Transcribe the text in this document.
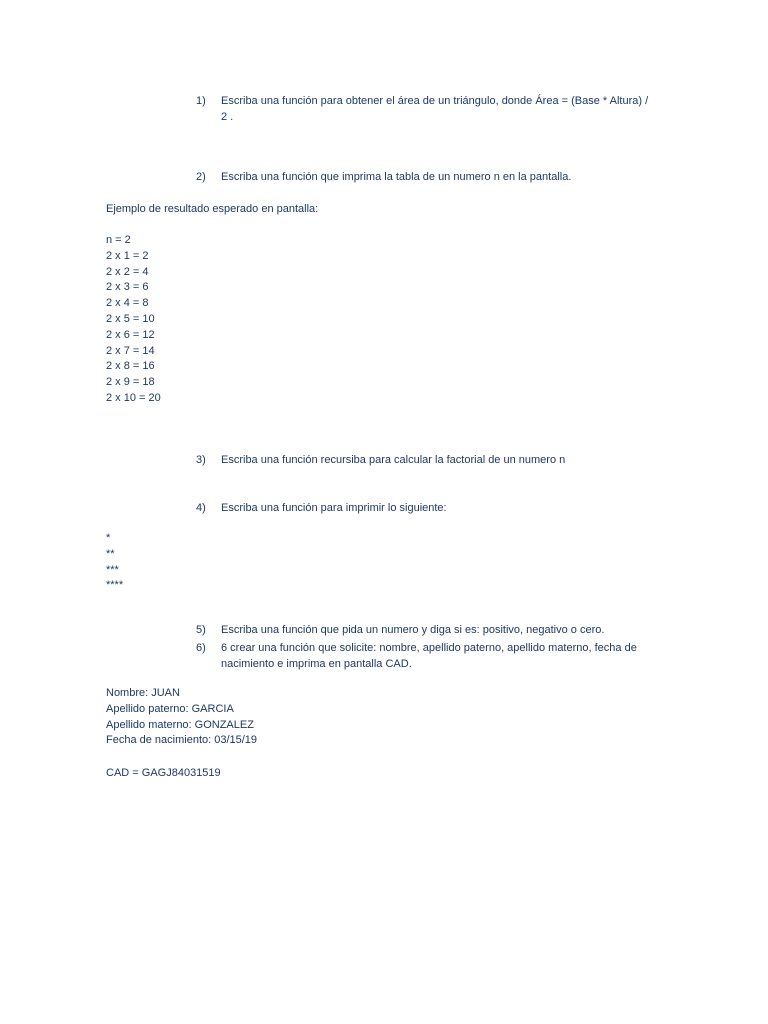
1)	Escriba una función para obtener el área de un triángulo, donde Área = (Base * Altura) / 2 .
2)	Escriba una función que imprima la tabla de un numero n en la pantalla.
Ejemplo de resultado esperado en pantalla:
n = 2
2 x 1 = 2
2 x 2 = 4
2 x 3 = 6
2 x 4 = 8
2 x 5 = 10
2 x 6 = 12
2 x 7 = 14
2 x 8 = 16
2 x 9 = 18
2 x 10 = 20
3)	Escriba una función recursiba para calcular la factorial de un numero n
4)	Escriba una función para imprimir lo siguiente:
*
**
***
****
5)	Escriba una función que pida un numero y diga si es: positivo, negativo o cero.
6)	6 crear una función que solicite: nombre, apellido paterno, apellido materno, fecha de nacimiento e imprima en pantalla CAD.
Nombre: JUAN
Apellido paterno: GARCIA
Apellido materno: GONZALEZ
Fecha de nacimiento: 03/15/19
CAD = GAGJ84031519
